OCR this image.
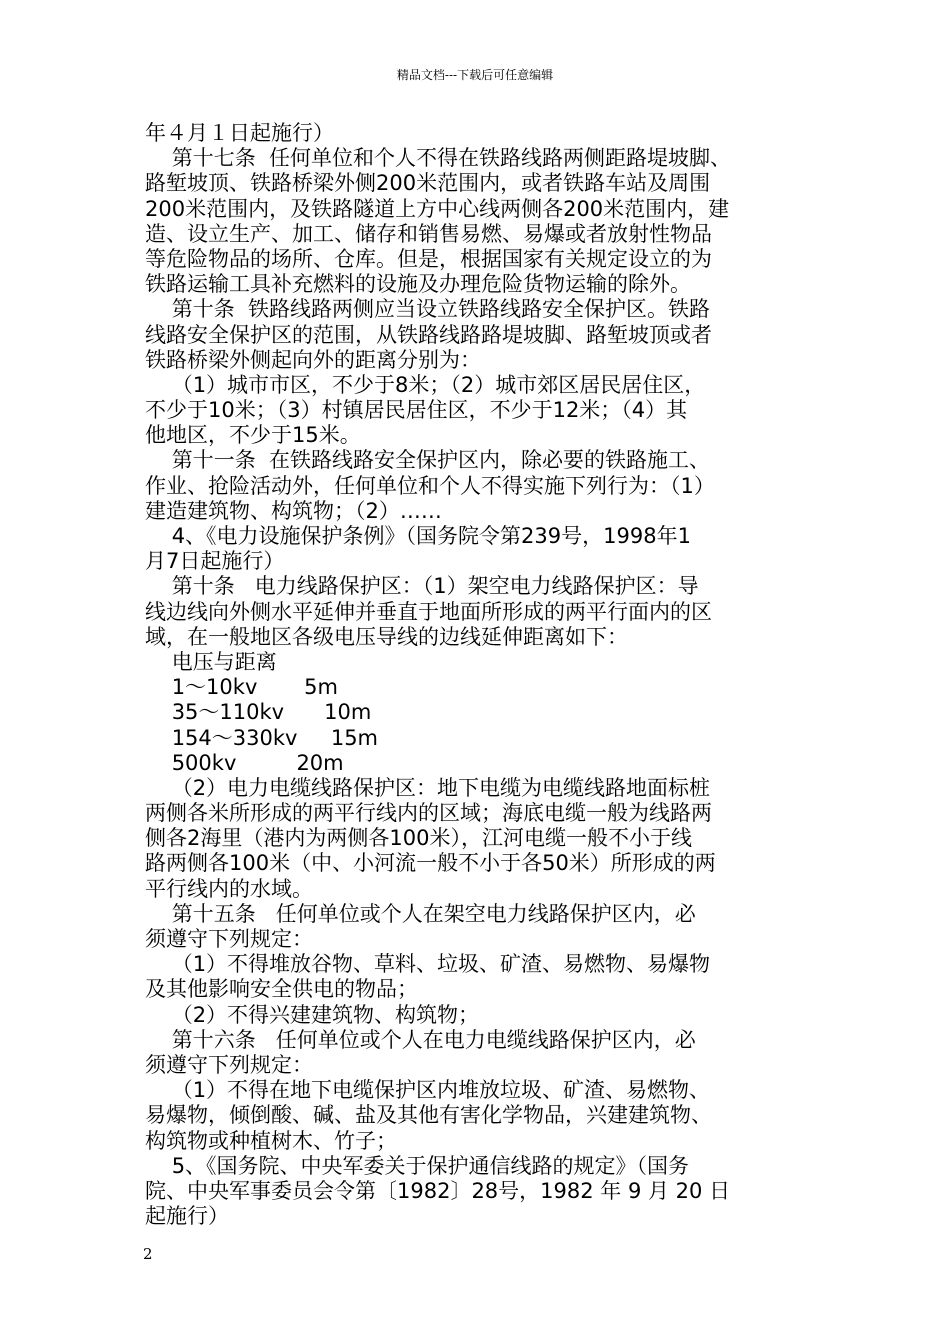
精品文档---下载后可任意编辑
年４月１日起施行）
第十七条  任何单位和个人不得在铁路线路两侧距路堤坡脚、
路堑坡顶、铁路桥梁外侧200米范围内，或者铁路车站及周围
200米范围内，及铁路隧道上方中心线两侧各200米范围内，建
造、设立生产、加工、储存和销售易燃、易爆或者放射性物品
等危险物品的场所、仓库。但是，根据国家有关规定设立的为
铁路运输工具补充燃料的设施及办理危险货物运输的除外。
第十条  铁路线路两侧应当设立铁路线路安全保护区。铁路
线路安全保护区的范围，从铁路线路路堤坡脚、路堑坡顶或者
铁路桥梁外侧起向外的距离分别为：
（1）城市市区，不少于8米；（2）城市郊区居民居住区，
不少于10米；（3）村镇居民居住区，不少于12米；（4）其
他地区，不少于15米。
第十一条  在铁路线路安全保护区内，除必要的铁路施工、
作业、抢险活动外，任何单位和个人不得实施下列行为：（1）
建造建筑物、构筑物；（2）……
4、《电力设施保护条例》（国务院令第239号，1998年1
月7日起施行）
第十条   电力线路保护区：（1）架空电力线路保护区：导
线边线向外侧水平延伸并垂直于地面所形成的两平行面内的区
域，在一般地区各级电压导线的边线延伸距离如下：
电压与距离
1～10kv       5m
35～110kv      10m
154～330kv     15m
500kv         20m
（2）电力电缆线路保护区：地下电缆为电缆线路地面标桩
两侧各米所形成的两平行线内的区域；海底电缆一般为线路两
侧各2海里（港内为两侧各100米），江河电缆一般不小于线
路两侧各100米（中、小河流一般不小于各50米）所形成的两
平行线内的水域。
第十五条   任何单位或个人在架空电力线路保护区内，必
须遵守下列规定：
（1）不得堆放谷物、草料、垃圾、矿渣、易燃物、易爆物
及其他影响安全供电的物品；
（2）不得兴建建筑物、构筑物；
第十六条   任何单位或个人在电力电缆线路保护区内，必
须遵守下列规定：
（1）不得在地下电缆保护区内堆放垃圾、矿渣、易燃物、
易爆物，倾倒酸、碱、盐及其他有害化学物品，兴建建筑物、
构筑物或种植树木、竹子；
5、《国务院、中央军委关于保护通信线路的规定》（国务
院、中央军事委员会令第〔1982〕28号，1982 年 9 月 20 日
起施行）
2
